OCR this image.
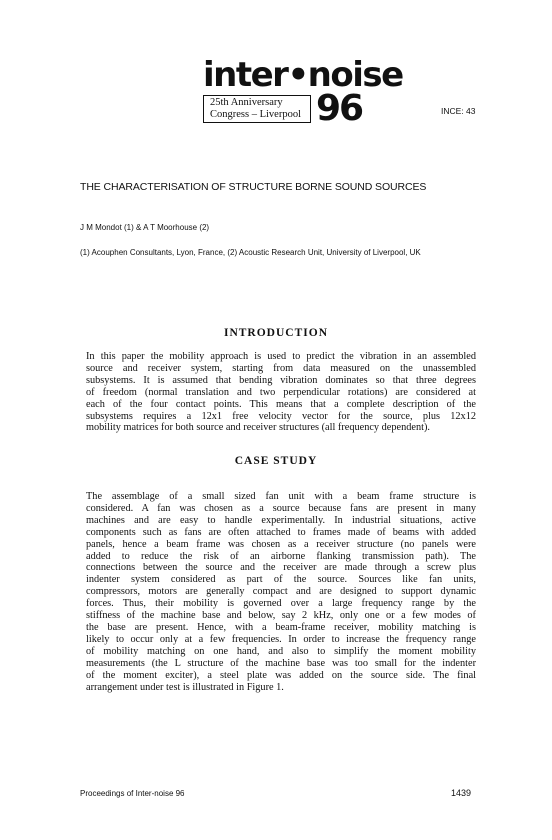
inter•noise
25th Anniversary
Congress – Liverpool 96	INCE: 43
THE CHARACTERISATION OF STRUCTURE BORNE SOUND SOURCES
J M Mondot (1) & A T Moorhouse (2)
(1) Acouphen Consultants, Lyon, France, (2) Acoustic Research Unit, University of Liverpool, UK
INTRODUCTION
In this paper the mobility approach is used to predict the vibration in an assembled
source and receiver system, starting from data measured on the unassembled
subsystems. It is assumed that bending vibration dominates so that three degrees
of freedom (normal translation and two perpendicular rotations) are considered at
each of the four contact points. This means that a complete description of the
subsystems requires a 12x1 free velocity vector for the source, plus 12x12
mobility matrices for both source and receiver structures (all frequency dependent).
CASE STUDY
The assemblage of a small sized fan unit with a beam frame structure is
considered. A fan was chosen as a source because fans are present in many
machines and are easy to handle experimentally. In industrial situations, active
components such as fans are often attached to frames made of beams with added
panels, hence a beam frame was chosen as a receiver structure (no panels were
added to reduce the risk of an airborne flanking transmission path). The
connections between the source and the receiver are made through a screw plus
indenter system considered as part of the source. Sources like fan units,
compressors, motors are generally compact and are designed to support dynamic
forces. Thus, their mobility is governed over a large frequency range by the
stiffness of the machine base and below, say 2 kHz, only one or a few modes of
the base are present. Hence, with a beam-frame receiver, mobility matching is
likely to occur only at a few frequencies. In order to increase the frequency range
of mobility matching on one hand, and also to simplify the moment mobility
measurements (the L structure of the machine base was too small for the indenter
of the moment exciter), a steel plate was added on the source side. The final
arrangement under test is illustrated in Figure 1.
Proceedings of Inter-noise 96	1439
